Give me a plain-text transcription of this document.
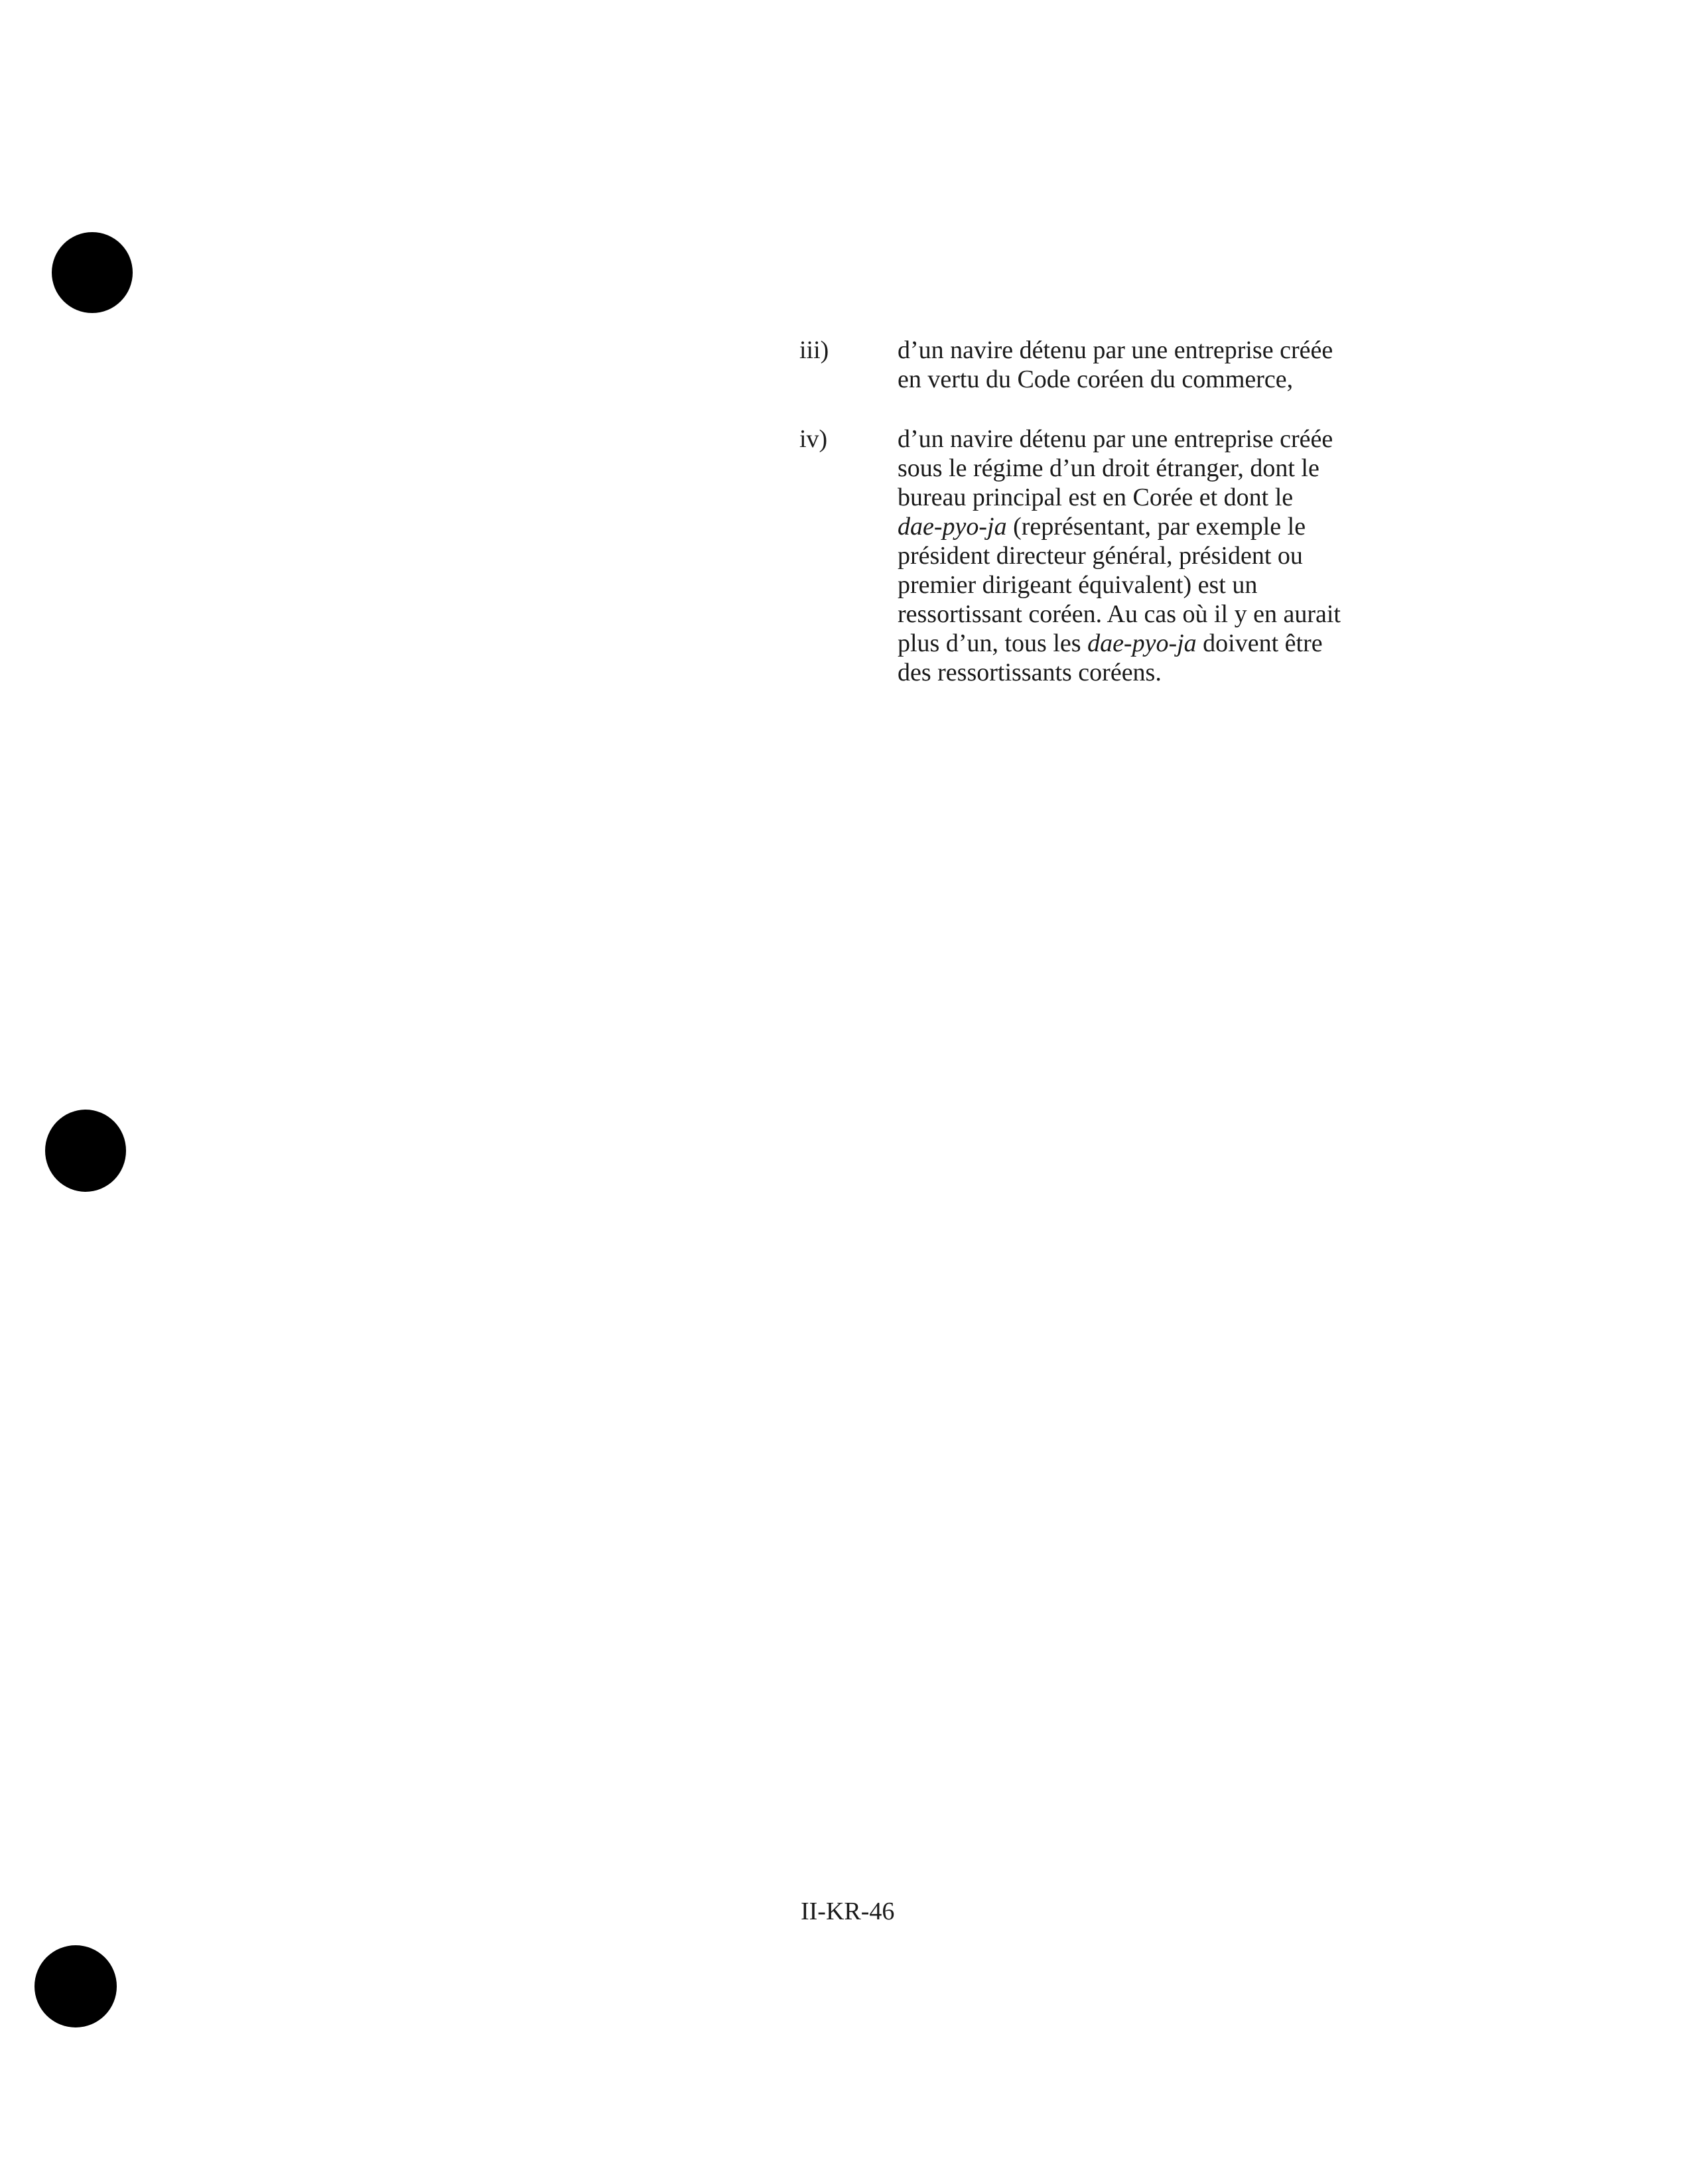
iii)	d’un navire détenu par une entreprise créée
en vertu du Code coréen du commerce,
iv)	d’un navire détenu par une entreprise créée
sous le régime d’un droit étranger, dont le
bureau principal est en Corée et dont le
dae-pyo-ja (représentant, par exemple le
président directeur général, président ou
premier dirigeant équivalent) est un
ressortissant coréen. Au cas où il y en aurait
plus d’un, tous les dae-pyo-ja doivent être
des ressortissants coréens.
II-KR-46
